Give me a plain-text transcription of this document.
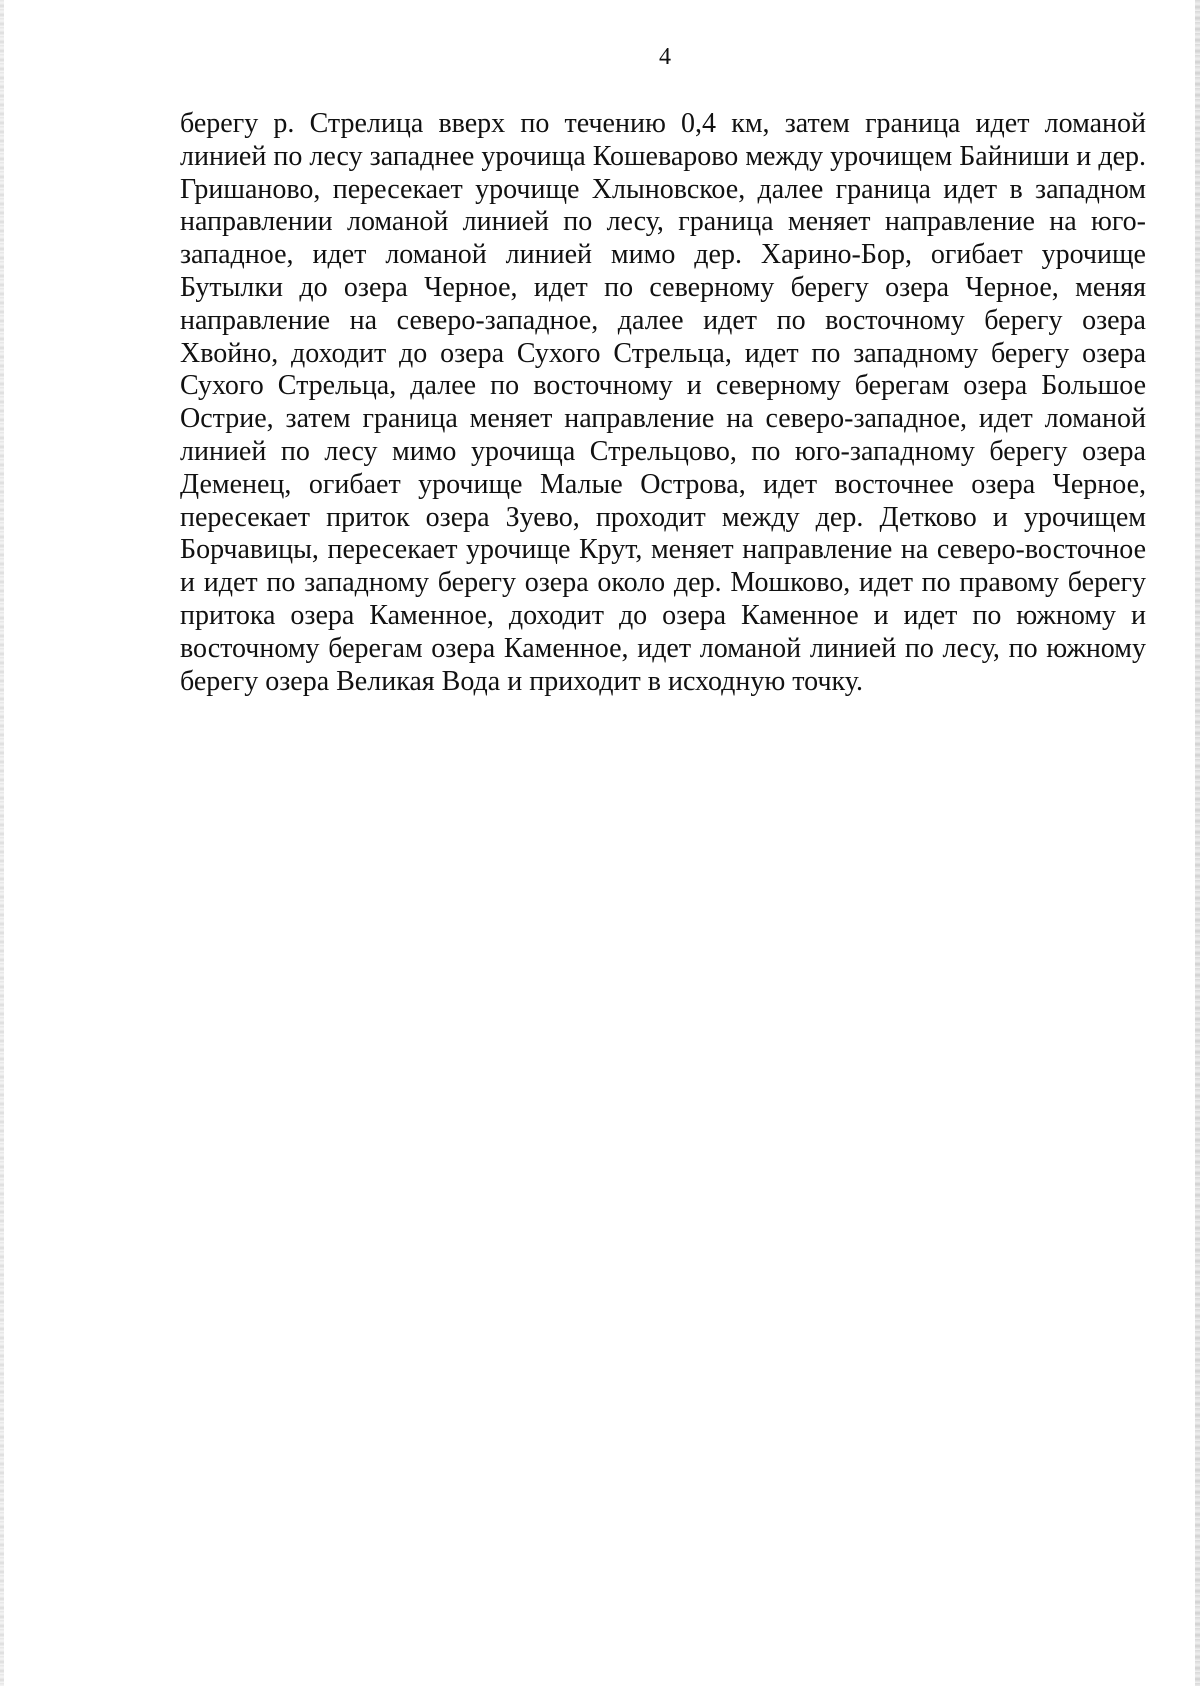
4

берегу р. Стрелица вверх по течению 0,4 км, затем граница идет ломаной линией по лесу западнее урочища Кошеварово между урочищем Байниши и дер. Гришаново, пересекает урочище Хлыновское, далее граница идет в западном направлении ломаной линией по лесу, граница меняет направление на юго-западное, идет ломаной линией мимо дер. Харино-Бор, огибает урочище Бутылки до озера Черное, идет по северному берегу озера Черное, меняя направление на северо-западное, далее идет по восточному берегу озера Хвойно, доходит до озера Сухого Стрельца, идет по западному берегу озера Сухого Стрельца, далее по восточному и северному берегам озера Большое Острие, затем граница меняет направление на северо-западное, идет ломаной линией по лесу мимо урочища Стрельцово, по юго-западному берегу озера Деменец, огибает урочище Малые Острова, идет восточнее озера Черное, пересекает приток озера Зуево, проходит между дер. Детково и урочищем Борчавицы, пересекает урочище Крут, меняет направление на северо-восточное и идет по западному берегу озера около дер. Мошково, идет по правому берегу притока озера Каменное, доходит до озера Каменное и идет по южному и восточному берегам озера Каменное, идет ломаной линией по лесу, по южному берегу озера Великая Вода и приходит в исходную точку.
